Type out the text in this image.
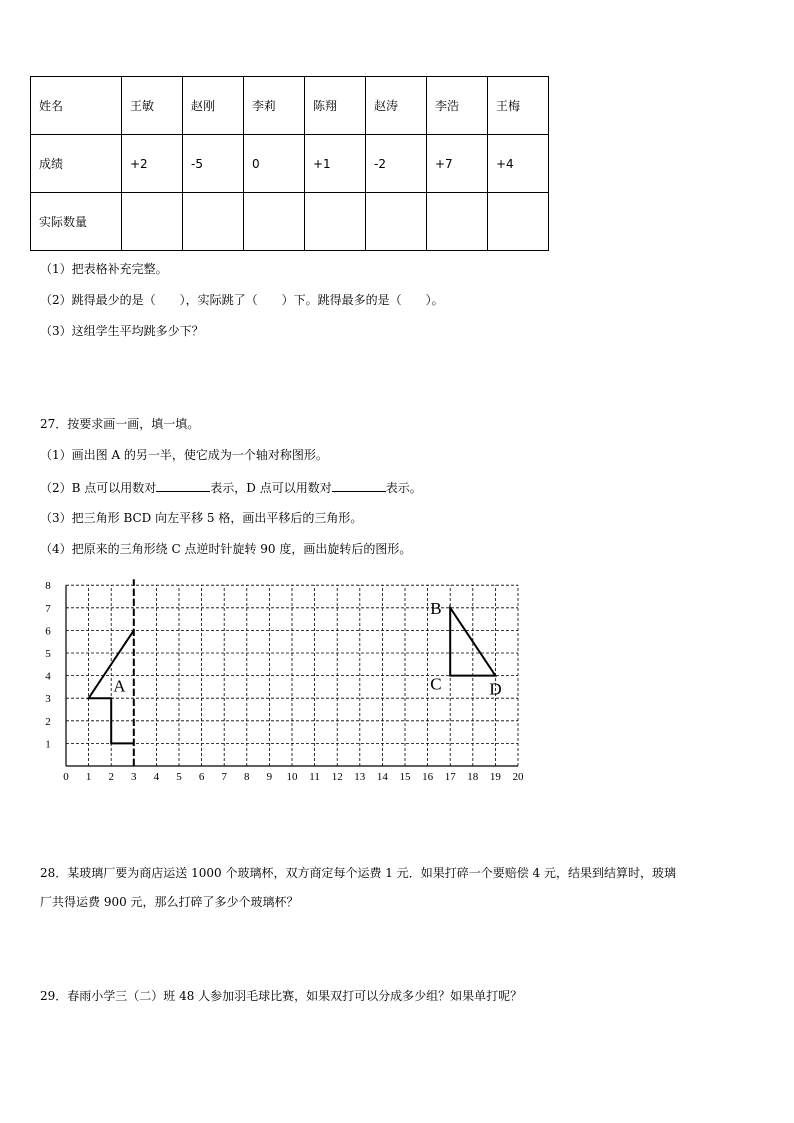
姓名	王敏	赵刚	李莉	陈翔	赵涛	李浩	王梅
成绩	+2	-5	0	+1	-2	+7	+4
实际数量							
（1）把表格补充完整。
（2）跳得最少的是（　　），实际跳了（　　）下。跳得最多的是（　　）。
（3）这组学生平均跳多少下？
27．按要求画一画，填一填。
（1）画出图 A 的另一半，使它成为一个轴对称图形。
（2）B 点可以用数对	表示，D 点可以用数对	表示。
（3）把三角形 BCD 向左平移 5 格，画出平移后的三角形。
（4）把原来的三角形绕 C 点逆时针旋转 90 度，画出旋转后的图形。
0 1 2 3 4 5 6 7 8 9 10 11 12 13 14 15 16 17 18 19 20
1
2
3
4
5
6
7
8
A
B
C	D
28．某玻璃厂要为商店运送 1000 个玻璃杯，双方商定每个运费 1 元．如果打碎一个要赔偿 4 元，结果到结算时，玻璃
厂共得运费 900 元，那么打碎了多少个玻璃杯？
29．春雨小学三（二）班 48 人参加羽毛球比赛，如果双打可以分成多少组？如果单打呢？
